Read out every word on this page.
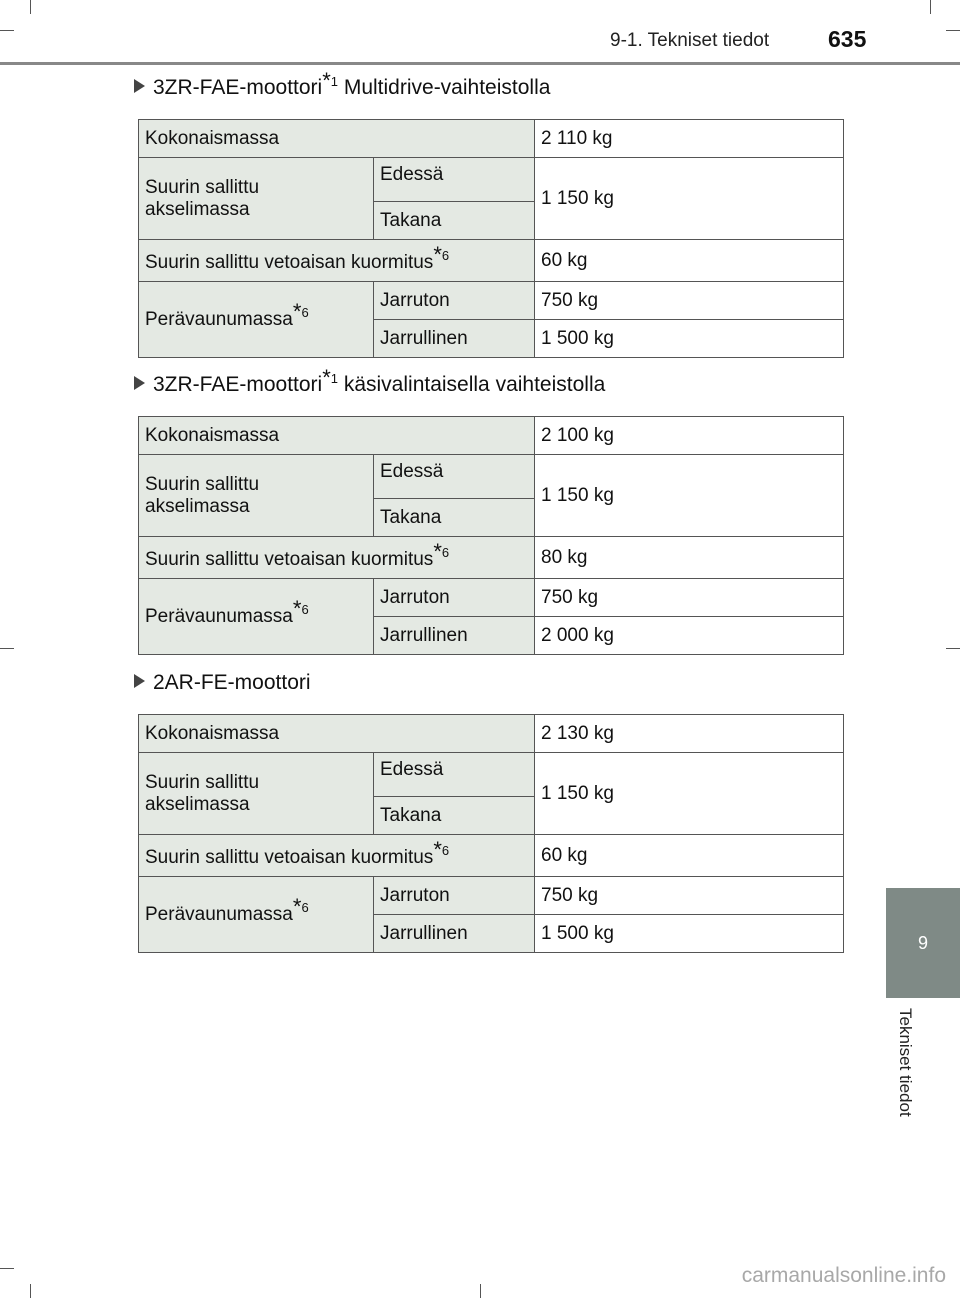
9-1. Tekniset tiedot	635
9
Tekniset tiedot
3ZR-FAE-moottori$^{*1}$ Multidrive-vaihteistolla
Kokonaismassa		2 110 kg
Suurin sallittu akselimassa	Edessä	1 150 kg
	Takana	
Suurin sallittu vetoaisan kuormitus$^{*6}$		60 kg
Perävaunumassa$^{*6}$	Jarruton	750 kg
	Jarrullinen	1 500 kg
3ZR-FAE-moottori$^{*1}$ käsivalintaisella vaihteistolla
Kokonaismassa		2 100 kg
Suurin sallittu akselimassa	Edessä	1 150 kg
	Takana	
Suurin sallittu vetoaisan kuormitus$^{*6}$		80 kg
Perävaunumassa$^{*6}$	Jarruton	750 kg
	Jarrullinen	2 000 kg
2AR-FE-moottori
Kokonaismassa		2 130 kg
Suurin sallittu akselimassa	Edessä	1 150 kg
	Takana	
Suurin sallittu vetoaisan kuormitus$^{*6}$		60 kg
Perävaunumassa$^{*6}$	Jarruton	750 kg
	Jarrullinen	1 500 kg
carmanualsonline.info
